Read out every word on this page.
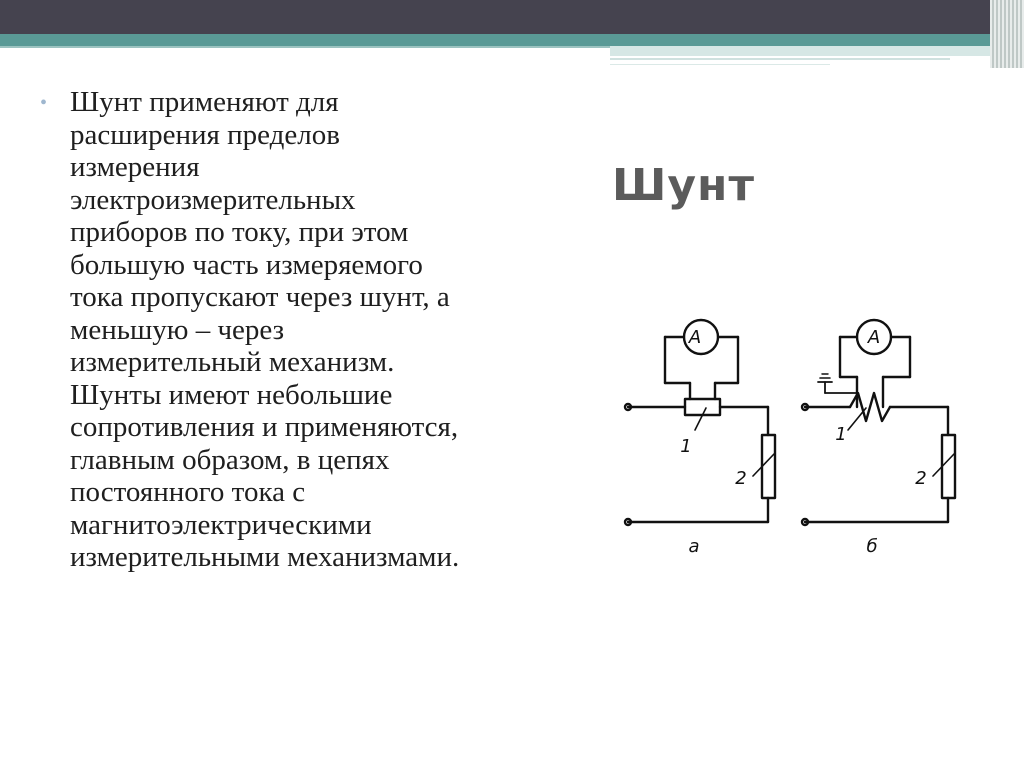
• Шунт применяют для
расширения пределов
измерения
электроизмерительных
приборов по току, при этом
большую часть измеряемого
тока пропускают через шунт, а
меньшую – через
измерительный механизм.
Шунты имеют небольшие
сопротивления и применяются,
главным образом, в цепях
постоянного тока с
магнитоэлектрическими
измерительными механизмами.
Шунт
A
1
2
а
A
1
2
б
